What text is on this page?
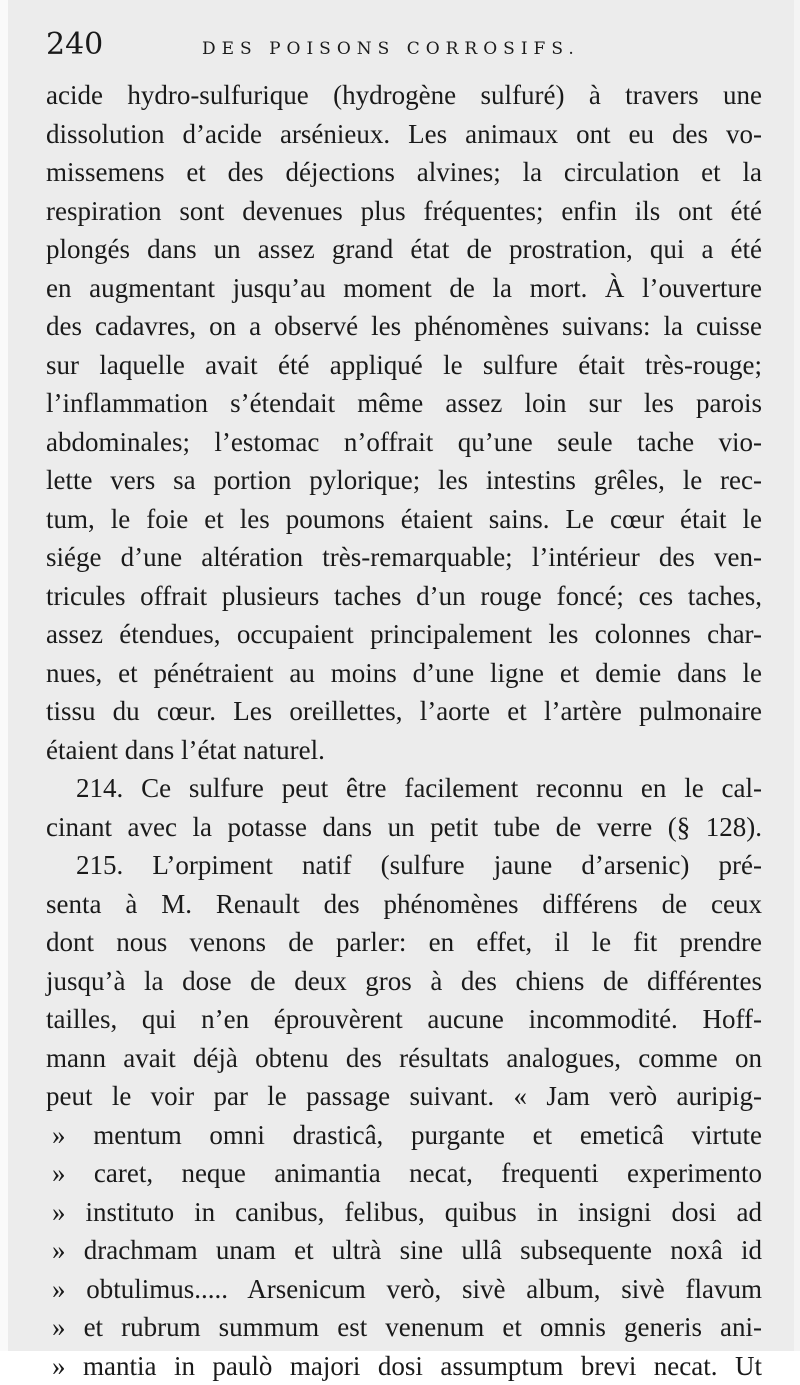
240	DES POISONS CORROSIFS.
acide hydro-sulfurique (hydrogène sulfuré) à travers une
dissolution d’acide arsénieux. Les animaux ont eu des vo-
missemens et des déjections alvines; la circulation et la
respiration sont devenues plus fréquentes; enfin ils ont été
plongés dans un assez grand état de prostration, qui a été
en augmentant jusqu’au moment de la mort. À l’ouverture
des cadavres, on a observé les phénomènes suivans: la cuisse
sur laquelle avait été appliqué le sulfure était très-rouge;
l’inflammation s’étendait même assez loin sur les parois
abdominales; l’estomac n’offrait qu’une seule tache vio-
lette vers sa portion pylorique; les intestins grêles, le rec-
tum, le foie et les poumons étaient sains. Le cœur était le
siége d’une altération très-remarquable; l’intérieur des ven-
tricules offrait plusieurs taches d’un rouge foncé; ces taches,
assez étendues, occupaient principalement les colonnes char-
nues, et pénétraient au moins d’une ligne et demie dans le
tissu du cœur. Les oreillettes, l’aorte et l’artère pulmonaire
étaient dans l’état naturel.
214. Ce sulfure peut être facilement reconnu en le cal-
cinant avec la potasse dans un petit tube de verre (§ 128).
215. L’orpiment natif (sulfure jaune d’arsenic) pré-
senta à M. Renault des phénomènes différens de ceux
dont nous venons de parler: en effet, il le fit prendre
jusqu’à la dose de deux gros à des chiens de différentes
tailles, qui n’en éprouvèrent aucune incommodité. Hoff-
mann avait déjà obtenu des résultats analogues, comme on
peut le voir par le passage suivant. « Jam verò auripig-
» mentum omni drasticâ, purgante et emeticâ virtute
» caret, neque animantia necat, frequenti experimento
» instituto in canibus, felibus, quibus in insigni dosi ad
» drachmam unam et ultrà sine ullâ subsequente noxâ id
» obtulimus..... Arsenicum verò, sivè album, sivè flavum
» et rubrum summum est venenum et omnis generis ani-
» mantia in paulò majori dosi assumptum brevi necat. Ut
